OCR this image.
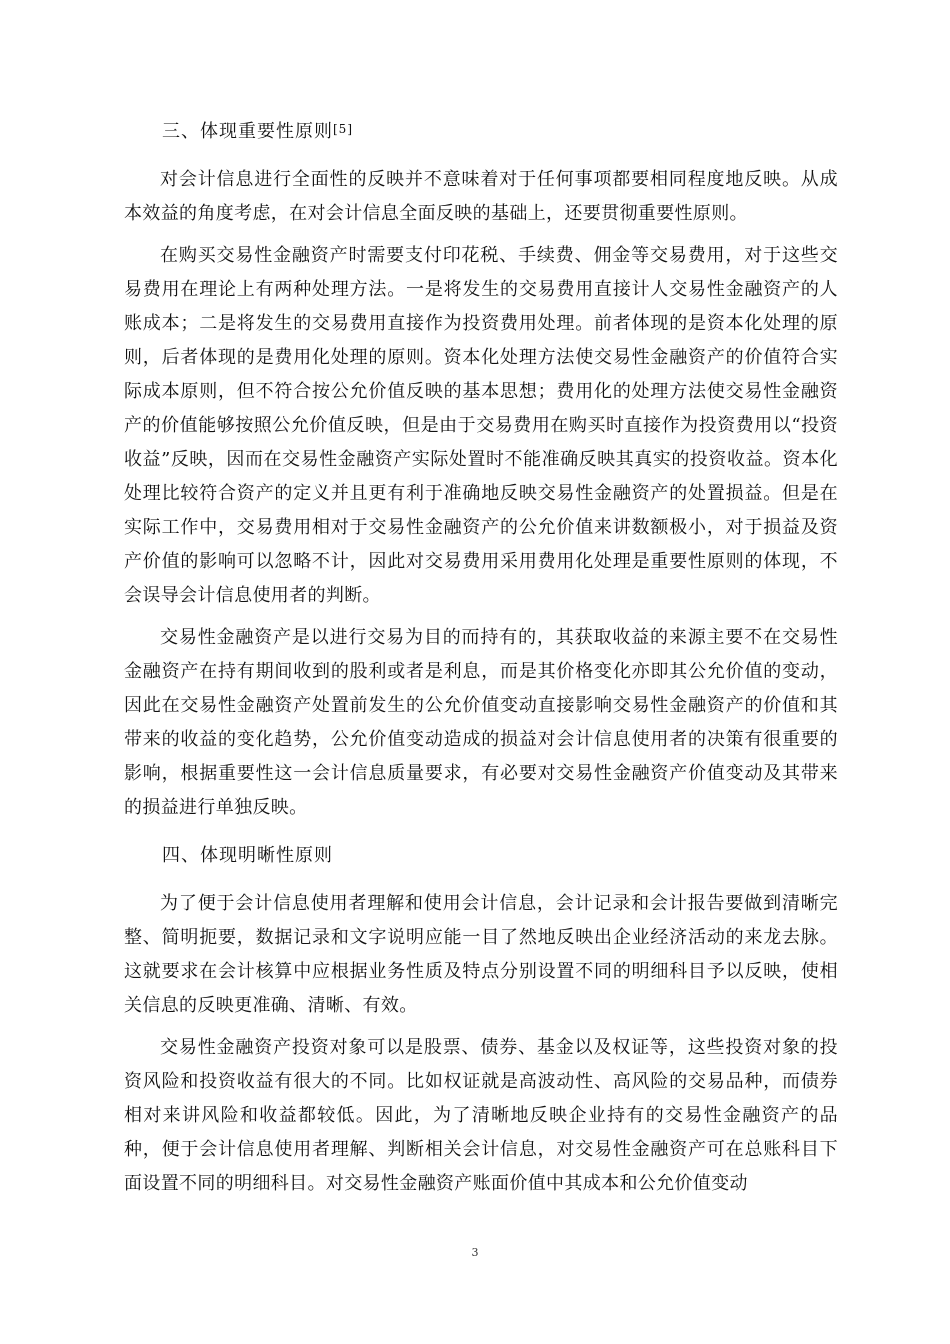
三、体现重要性原则[5]

对会计信息进行全面性的反映并不意味着对于任何事项都要相同程度地反映。从成本效益的角度考虑，在对会计信息全面反映的基础上，还要贯彻重要性原则。

在购买交易性金融资产时需要支付印花税、手续费、佣金等交易费用，对于这些交易费用在理论上有两种处理方法。一是将发生的交易费用直接计人交易性金融资产的人账成本；二是将发生的交易费用直接作为投资费用处理。前者体现的是资本化处理的原则，后者体现的是费用化处理的原则。资本化处理方法使交易性金融资产的价值符合实际成本原则，但不符合按公允价值反映的基本思想；费用化的处理方法使交易性金融资产的价值能够按照公允价值反映，但是由于交易费用在购买时直接作为投资费用以“投资收益”反映，因而在交易性金融资产实际处置时不能准确反映其真实的投资收益。资本化处理比较符合资产的定义并且更有利于准确地反映交易性金融资产的处置损益。但是在实际工作中，交易费用相对于交易性金融资产的公允价值来讲数额极小，对于损益及资产价值的影响可以忽略不计，因此对交易费用采用费用化处理是重要性原则的体现，不会误导会计信息使用者的判断。

交易性金融资产是以进行交易为目的而持有的，其获取收益的来源主要不在交易性金融资产在持有期间收到的股利或者是利息，而是其价格变化亦即其公允价值的变动，因此在交易性金融资产处置前发生的公允价值变动直接影响交易性金融资产的价值和其带来的收益的变化趋势，公允价值变动造成的损益对会计信息使用者的决策有很重要的影响，根据重要性这一会计信息质量要求，有必要对交易性金融资产价值变动及其带来的损益进行单独反映。

四、体现明晰性原则

为了便于会计信息使用者理解和使用会计信息，会计记录和会计报告要做到清晰完整、简明扼要，数据记录和文字说明应能一目了然地反映出企业经济活动的来龙去脉。这就要求在会计核算中应根据业务性质及特点分别设置不同的明细科目予以反映，使相关信息的反映更准确、清晰、有效。

交易性金融资产投资对象可以是股票、债券、基金以及权证等，这些投资对象的投资风险和投资收益有很大的不同。比如权证就是高波动性、高风险的交易品种，而债券相对来讲风险和收益都较低。因此，为了清晰地反映企业持有的交易性金融资产的品种，便于会计信息使用者理解、判断相关会计信息，对交易性金融资产可在总账科目下面设置不同的明细科目。对交易性金融资产账面价值中其成本和公允价值变动

3
